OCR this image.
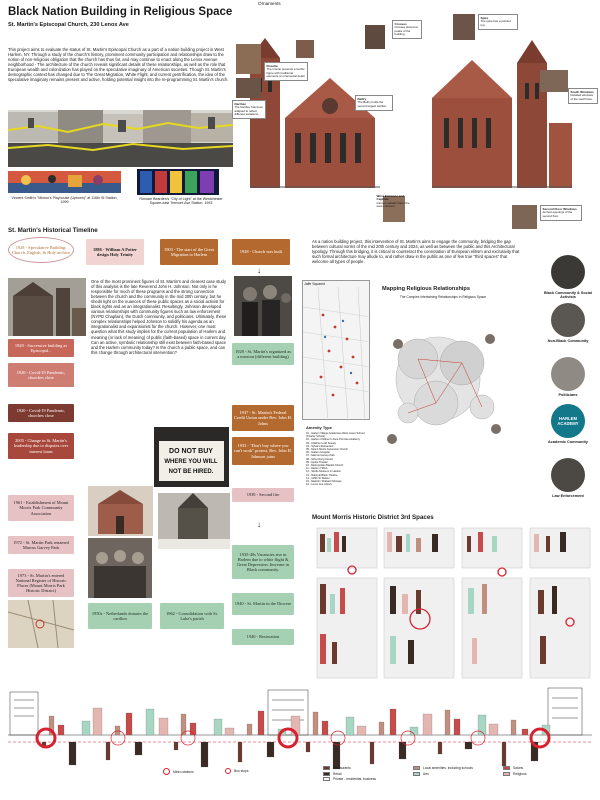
Black Nation Building in Religious Space
St. Martin's Episcopal Church, 230 Lenox Ave
Ornaments
This project aims to evaluate the status of St. Martin's Episcopal Church as a part of a nation building project in West Harlem, NY. Through a study of the church's history, prominent community participation and relationships draw to the notion of non-religious obligation that the church has thus far, and may continue to enact along the Lenox Avenue neighborhood - The architecture of the church reveals significant details of these relationships, as well as the role that European wealth and colonization has played on the speculative imaginary of American societies. Though St. Martin's demographic context has changed due to The Great Migration, White Flight, and current gentrification, the idea of the speculative imaginary remains present and active, holding potential insight into the re-programming St. Martin's church.
Vincent Smith's "Minton's Playhouse (Uptown)" at 116th St Station, 1999
Romare Bearden's "City of Light" at the Westchester Square-east Tremont Ave Station, 1993
Rosette
The rosette presents a Gothic figure with traditional elements of ornamental detail.
Narthex
The Narthex has been adapted to reflect different variations.
Belfry
The Belfry holds the second largest carillon.
Crosses
Crosses placed at peaks of the building.
Spire
The spire has a pointed top.
South Windows
Detailed windows of the south face.
West Entrance and Capitals
Carved capitals frame the west entrance.
Second Floor Windows
Arched openings of the second floor.
St. Martin's Historical Timeline
1928 - Speculative Building: Church, English, & Holy archive
1886 - William A Potter design Holy Trinity
1903 - The start of the Great Migration to Harlem
1928 - Church was built
↓
1928 - Successive building as Episcopal...
1920 - Covid-19 Pandemic, churches close
1920 - Covid-19 Pandemic, churches close
2005 - Change in St. Martin's leadership due to disputes over interest loans
1961 - Establishment of Mount Morris Park Community Association
1972 - St. Martin Park renamed Marcus Garvey Park
1973 - St. Martin's entered National Register of Historic Places (Mount Morris Park Historic District)
One of the most prominent figures of St. Martin's and clearest case study of this analysis is the late Reverend John H. Johnson. Not only is he responsible for much of these programs and the strong connection between the church and the community in the mid 20th century, but he sheds light on the nuances of these public spaces as a social activist for black rights and as an integrationalist. Resultingly, Johnson developed various relationships with community figures such as law enforcement (NYPD Chaplain), the Dutch community, and politicians. Ultimately, these complex relationships helped Johnson to solidify his agenda as an integrationalist and expansionist for the church. However, one must question what this study implies for the current population of Harlem and meaning (or lack of meaning) of public (faith-based) space in current day. Can an active, symbolic relationship still exist between faith-based space and the Harlem community today? Is the church a public space, and can this change through architectural intervention?
DO NOT BUY
WHERE YOU WILL
NOT BE HIRED.
1950s - Netherlands donates the carillon
1962 - Consolidation with St. Luke's parish
1928 - St. Martin's organized as a mission (different building)
1937 - St. Martin's Federal Credit Union under Rev. John H. Johns
1933 - "Don't buy where you can't work" protest, Rev. John H. Johnson joins
1939 - Second fire
↓
1935-40s Vacancies rise in Harlem due to white flight & Great Depression. Increase in Black community.
1940 - St. Martin in the Diocese
1940 - Restoration
As a nation building project, this intervention of St. Martin's aims to engage the community, bridging the gap between cultural norms of the mid 20th century and 2024, as well as between the public and this Architectural typology. Through this bridging, it is critical to counteract the connotation of European elitism and exclusivity that such formal architecture may allude to, and rather draw in the public as one of few true "third spaces" that welcome all types of people.
Mapping Religious Relationships
Jaffe Squared
Amenity Type
01 - Harlem Village Academies West Lower School (Charter School)
02 - Harlem Children's Zone Promise Academy
03 - Children's Aid Society
04 - Sylvia's Restaurant
05 - Mount Morris Ascension Church
06 - Harlem Hospital
07 - Marcus Garvey Park
08 - Schomburg Center
09 - Apollo Theater
10 - Metropolitan Baptist Church
11 - Harlem YMCA
12 - Studio Museum in Harlem
13 - National Black Theatre
14 - 125th St Station
15 - Malcolm Shabazz Mosque
16 - Lenox Ave Library
The Complex Intertwining Relationships in Religious Space
Black Community & Social Activists
Non-Black Community
Politicians
HARLEM ACADEMY
Academic Community
Law Enforcement
Mount Morris Historic District 3rd Spaces
Metro stations	Bus stops
Restaurants	Local amenities, including schools	Salons
Retail	Arts	Religious
Private - residential, business
